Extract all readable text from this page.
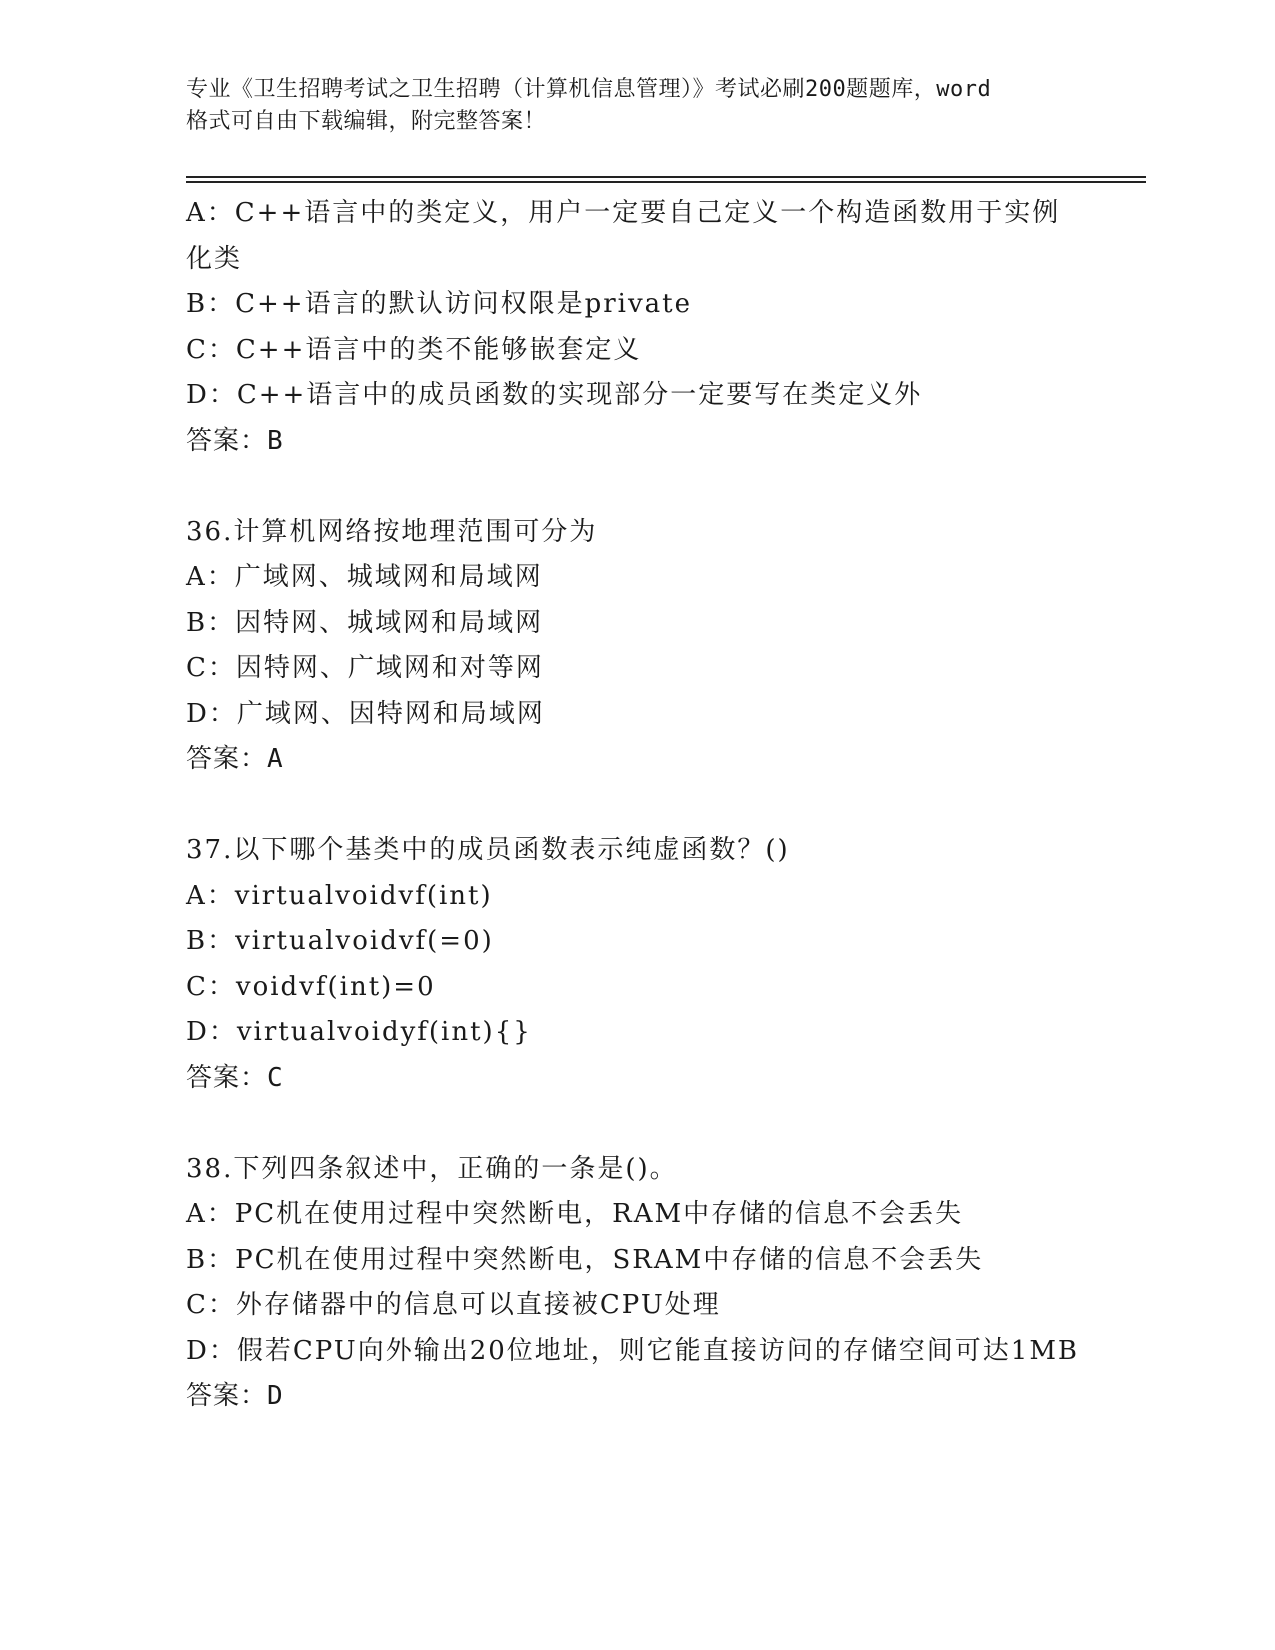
专业《卫生招聘考试之卫生招聘（计算机信息管理）》考试必刷200题题库，word
格式可自由下载编辑，附完整答案！
A：C++语言中的类定义，用户一定要自己定义一个构造函数用于实例
化类
B：C++语言的默认访问权限是private
C：C++语言中的类不能够嵌套定义
D：C++语言中的成员函数的实现部分一定要写在类定义外
答案：B
36.计算机网络按地理范围可分为
A：广域网、城域网和局域网
B：因特网、城域网和局域网
C：因特网、广域网和对等网
D：广域网、因特网和局域网
答案：A
37.以下哪个基类中的成员函数表示纯虚函数？()
A：virtualvoidvf(int)
B：virtualvoidvf(=0)
C：voidvf(int)=0
D：virtualvoidyf(int){}
答案：C
38.下列四条叙述中，正确的一条是()。
A：PC机在使用过程中突然断电，RAM中存储的信息不会丢失
B：PC机在使用过程中突然断电，SRAM中存储的信息不会丢失
C：外存储器中的信息可以直接被CPU处理
D：假若CPU向外输出20位地址，则它能直接访问的存储空间可达1MB
答案：D
